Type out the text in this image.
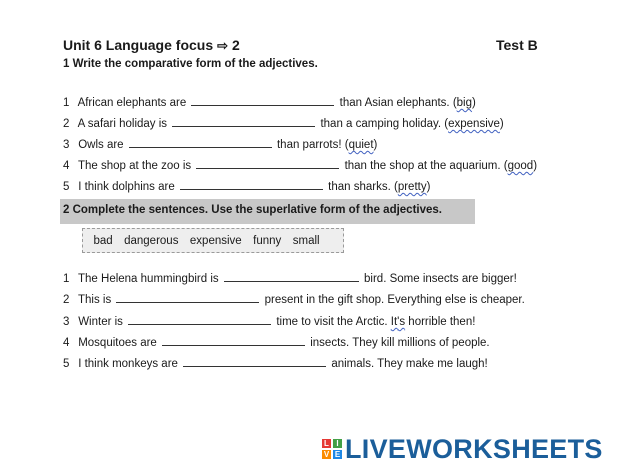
Unit 6 Language focus ⇨ 2	Test B
1 Write the comparative form of the adjectives.
1 African elephants are	than Asian elephants. (big)
2 A safari holiday is	than a camping holiday. (expensive)
3 Owls are	than parrots! (quiet)
4 The shop at the zoo is	than the shop at the aquarium. (good)
5 I think dolphins are	than sharks. (pretty)
2 Complete the sentences. Use the superlative form of the adjectives.
bad dangerous expensive funny small
1 The Helena hummingbird is	bird. Some insects are bigger!
2 This is	present in the gift shop. Everything else is cheaper.
3 Winter is	time to visit the Arctic. It's horrible then!
4 Mosquitoes are	insects. They kill millions of people.
5 I think monkeys are	animals. They make me laugh!
L I
V E LIVEWORKSHEETS
